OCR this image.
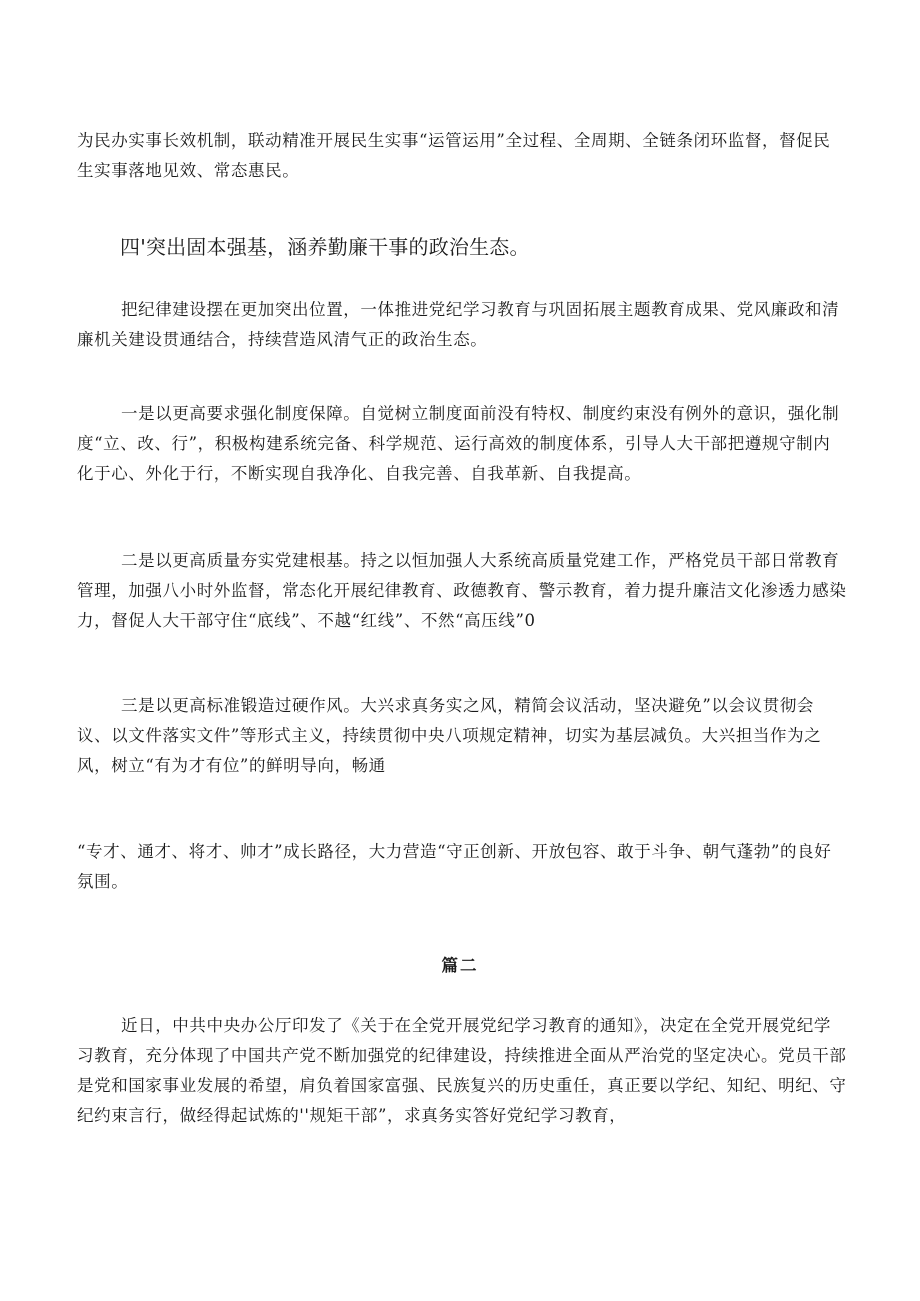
为民办实事长效机制，联动精准开展民生实事“运管运用”全过程、全周期、全链条闭环监督，督促民生实事落地见效、常态惠民。

四'突出固本强基，涵养勤廉干事的政治生态。

把纪律建设摆在更加突出位置，一体推进党纪学习教育与巩固拓展主题教育成果、党风廉政和清廉机关建设贯通结合，持续营造风清气正的政治生态。

一是以更高要求强化制度保障。自觉树立制度面前没有特权、制度约束没有例外的意识，强化制度“立、改、行”，积极构建系统完备、科学规范、运行高效的制度体系，引导人大干部把遵规守制内化于心、外化于行，不断实现自我净化、自我完善、自我革新、自我提高。

二是以更高质量夯实党建根基。持之以恒加强人大系统高质量党建工作，严格党员干部日常教育管理，加强八小时外监督，常态化开展纪律教育、政德教育、警示教育，着力提升廉洁文化渗透力感染力，督促人大干部守住“底线”、不越“红线”、不然“高压线”0

三是以更高标准锻造过硬作风。大兴求真务实之风，精简会议活动，坚决避免”以会议贯彻会议、以文件落实文件”等形式主义，持续贯彻中央八项规定精神，切实为基层减负。大兴担当作为之风，树立“有为才有位”的鲜明导向，畅通

“专才、通才、将才、帅才”成长路径，大力营造“守正创新、开放包容、敢于斗争、朝气蓬勃”的良好氛围。

篇二

近日，中共中央办公厅印发了《关于在全党开展党纪学习教育的通知》，决定在全党开展党纪学习教育，充分体现了中国共产党不断加强党的纪律建设，持续推进全面从严治党的坚定决心。党员干部是党和国家事业发展的希望，肩负着国家富强、民族复兴的历史重任，真正要以学纪、知纪、明纪、守纪约束言行，做经得起试炼的''规矩干部”，求真务实答好党纪学习教育，
